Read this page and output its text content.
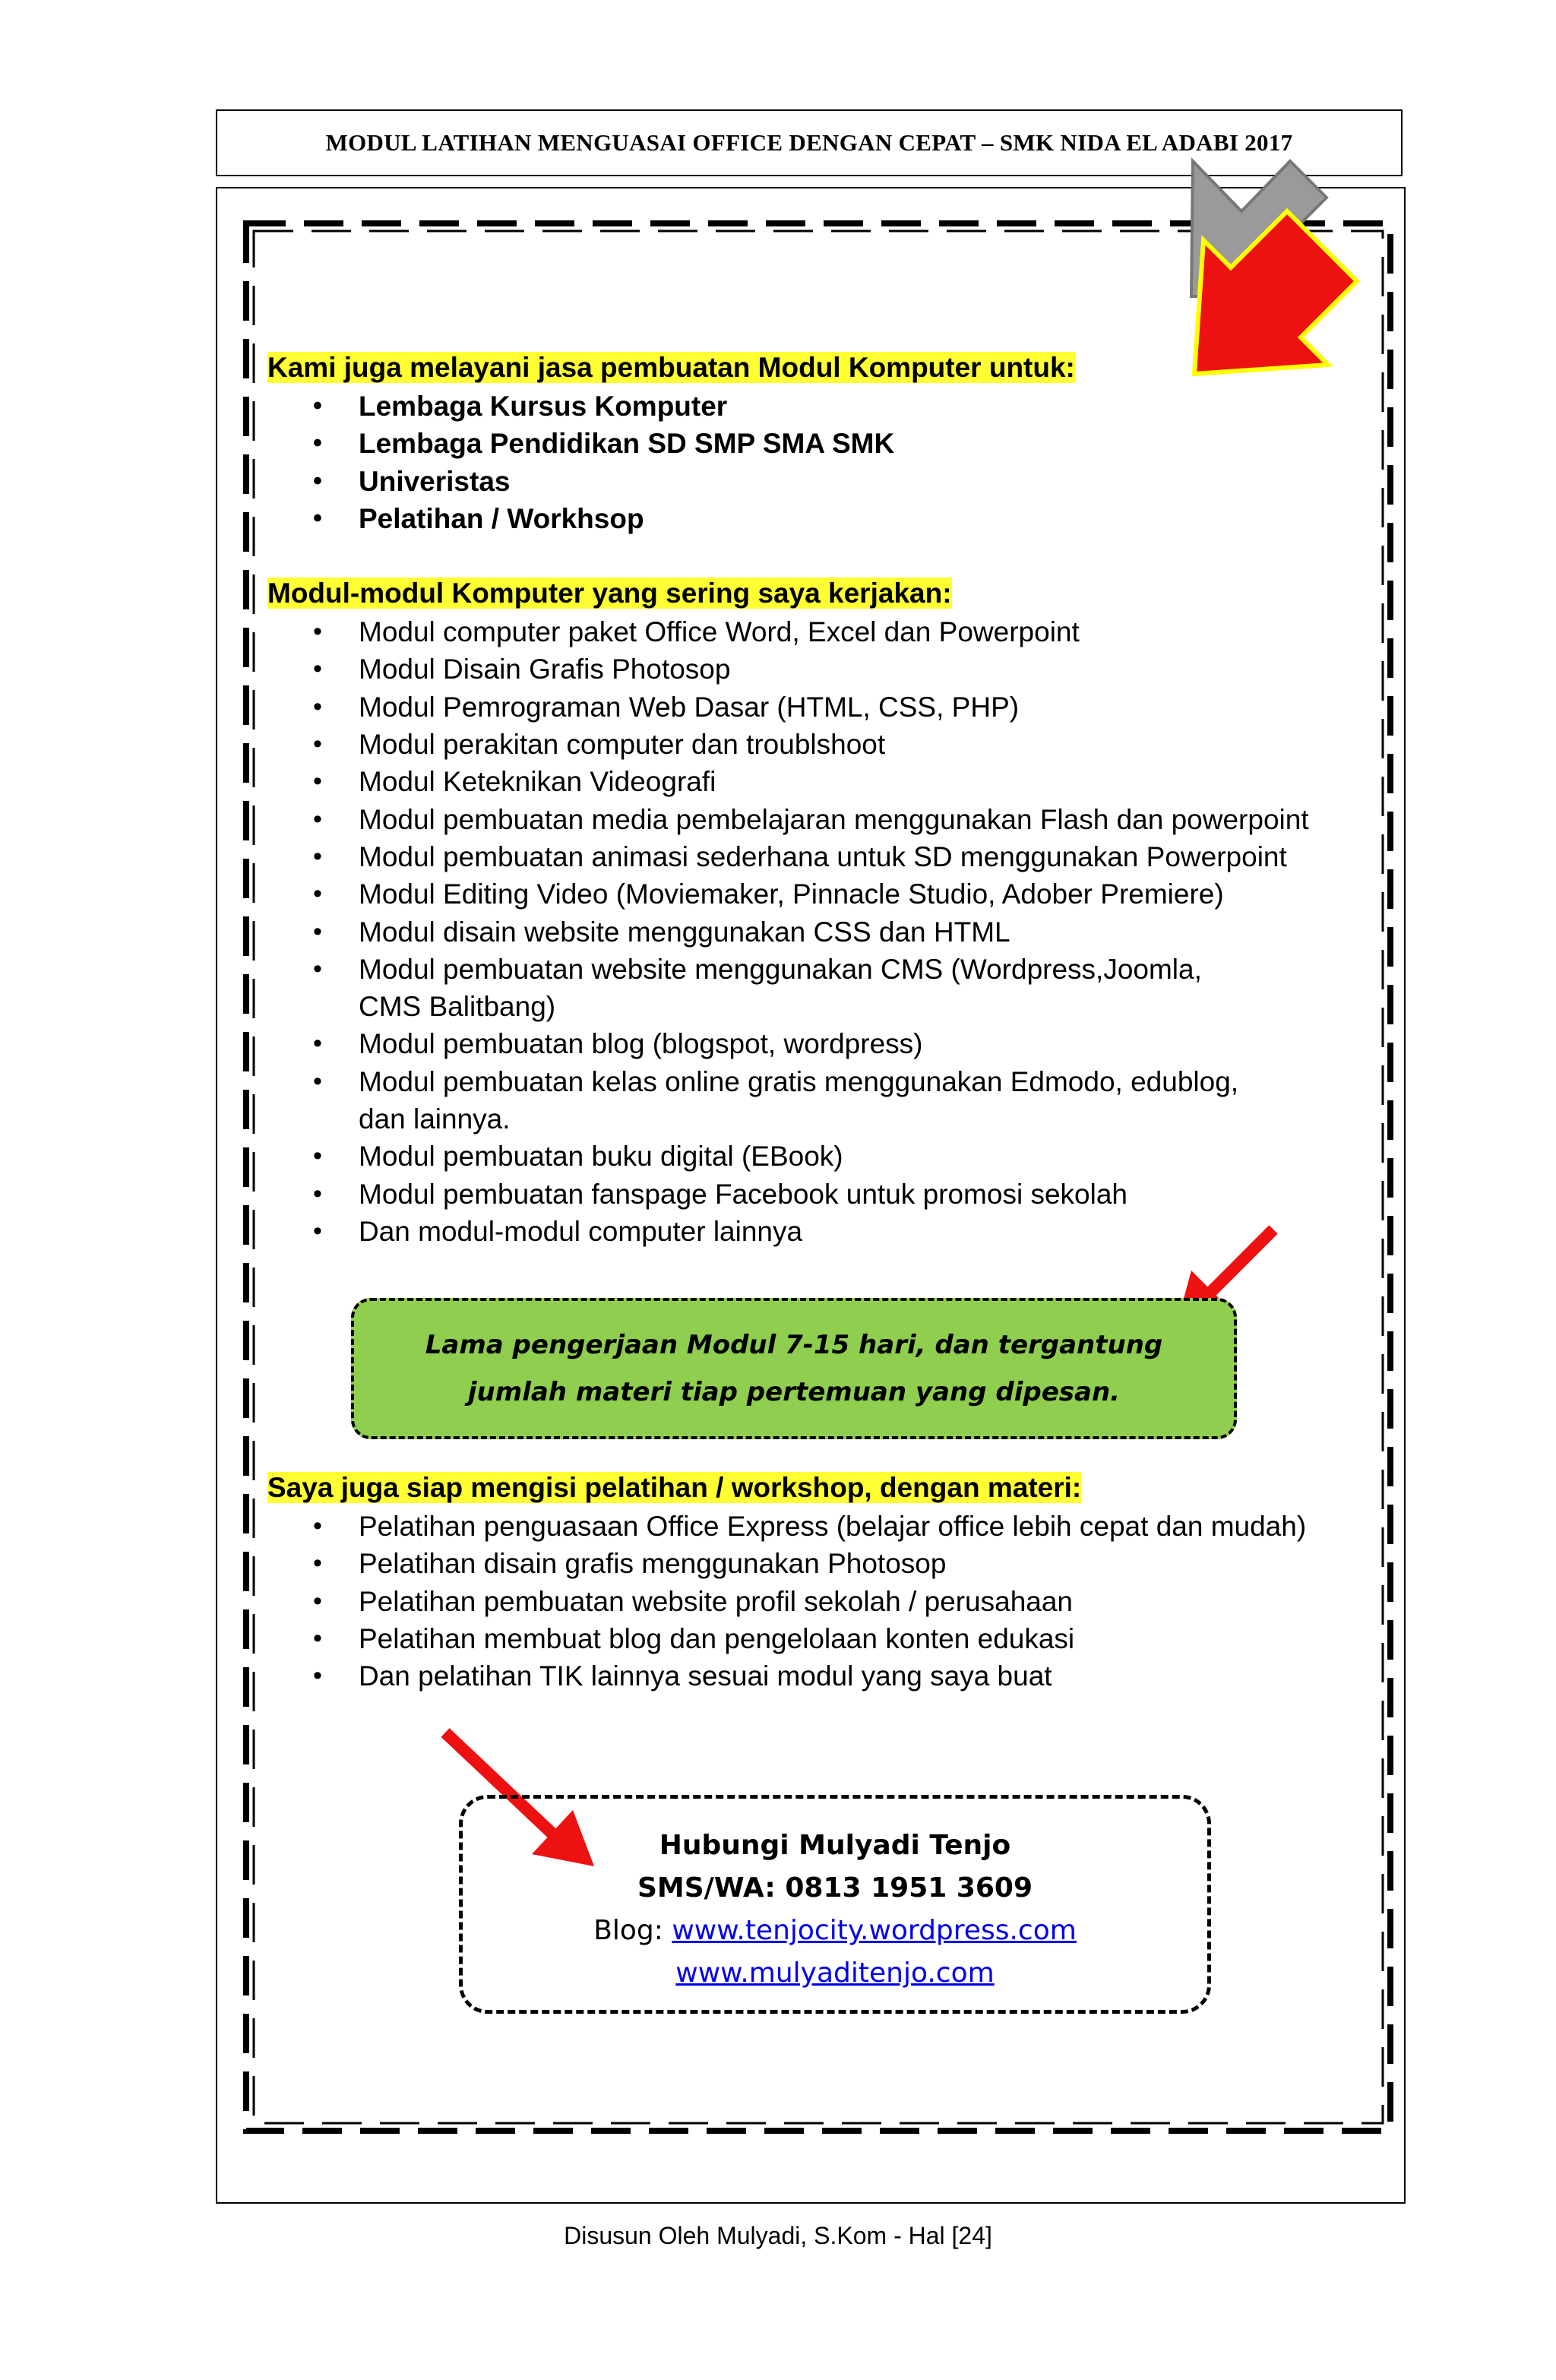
MODUL LATIHAN MENGUASAI OFFICE DENGAN CEPAT – SMK NIDA EL ADABI 2017
Kami juga melayani jasa pembuatan Modul Komputer untuk:
• Lembaga Kursus Komputer
• Lembaga Pendidikan SD SMP SMA SMK
• Univeristas
• Pelatihan / Workhsop
Modul-modul Komputer yang sering saya kerjakan:
• Modul computer paket Office Word, Excel dan Powerpoint
• Modul Disain Grafis Photosop
• Modul Pemrograman Web Dasar (HTML, CSS, PHP)
• Modul perakitan computer dan troublshoot
• Modul Keteknikan Videografi
• Modul pembuatan media pembelajaran menggunakan Flash dan powerpoint
• Modul pembuatan animasi sederhana untuk SD menggunakan Powerpoint
• Modul Editing Video (Moviemaker, Pinnacle Studio, Adober Premiere)
• Modul disain website menggunakan CSS dan HTML
• Modul pembuatan website menggunakan CMS (Wordpress,Joomla, CMS Balitbang)
• Modul pembuatan blog (blogspot, wordpress)
• Modul pembuatan kelas online gratis menggunakan Edmodo, edublog, dan lainnya.
• Modul pembuatan buku digital (EBook)
• Modul pembuatan fanspage Facebook untuk promosi sekolah
• Dan modul-modul computer lainnya
Lama pengerjaan Modul 7-15 hari, dan tergantung
jumlah materi tiap pertemuan yang dipesan.
Saya juga siap mengisi pelatihan / workshop, dengan materi:
• Pelatihan penguasaan Office Express (belajar office lebih cepat dan mudah)
• Pelatihan disain grafis menggunakan Photosop
• Pelatihan pembuatan website profil sekolah / perusahaan
• Pelatihan membuat blog dan pengelolaan konten edukasi
• Dan pelatihan TIK lainnya sesuai modul yang saya buat
Hubungi Mulyadi Tenjo
SMS/WA: 0813 1951 3609
Blog: www.tenjocity.wordpress.com
www.mulyaditenjo.com
Disusun Oleh Mulyadi, S.Kom - Hal [24]
